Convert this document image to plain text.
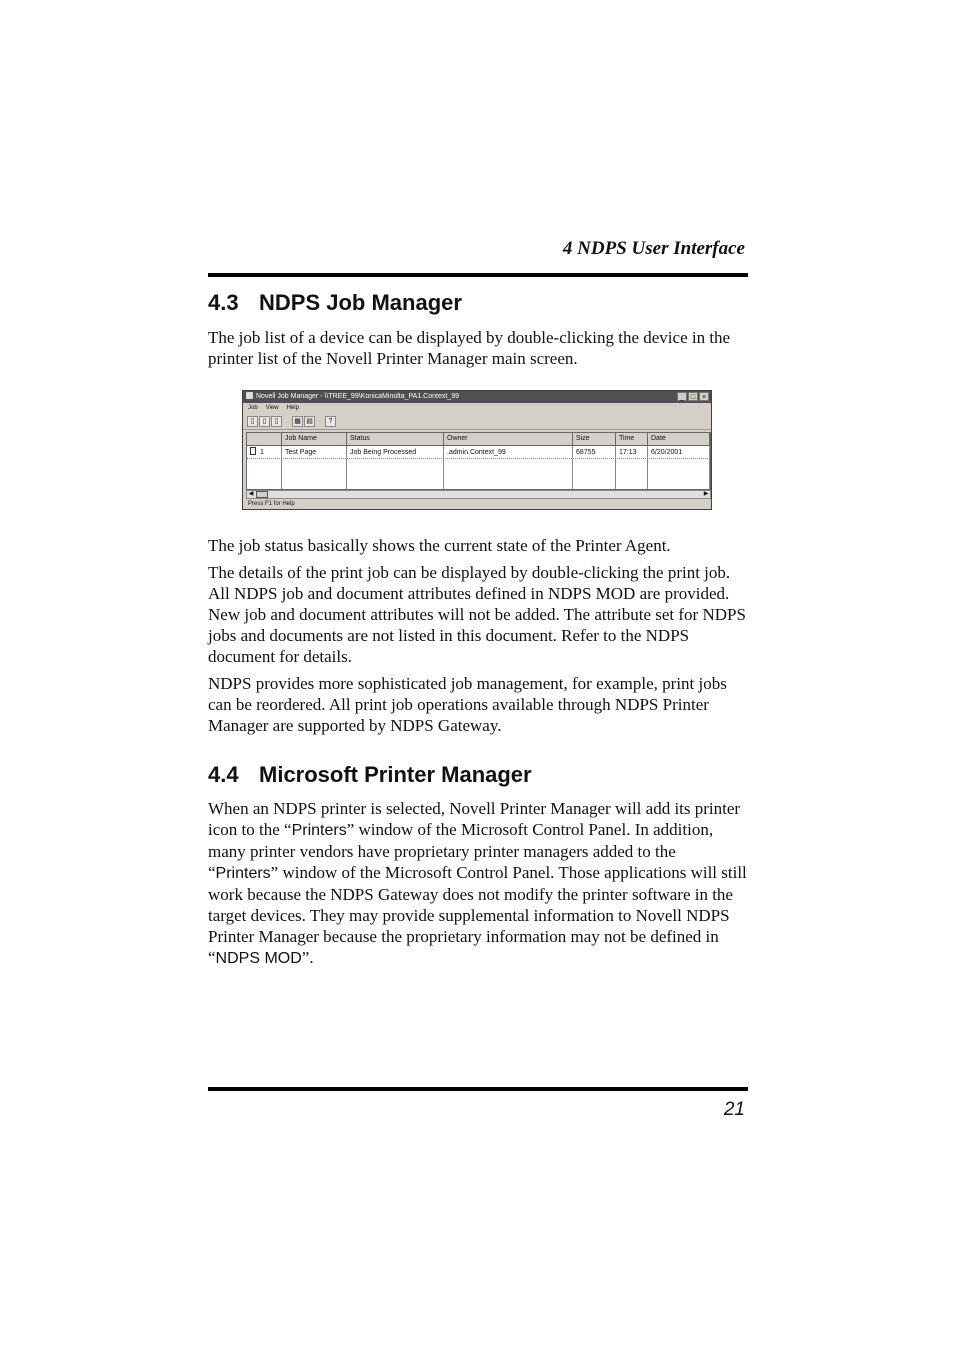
4 NDPS User Interface
4.3 NDPS Job Manager

The job list of a device can be displayed by double-clicking the device in the printer list of the Novell Printer Manager main screen.

Novell Job Manager - \\TREE_99\KonicaMinolta_PA1.Context_99	_ □ ×
Job View Help
▯	▯	▯	▦ ▤	?
Job Name	Status	Owner	Size	Time	Date
1	Test Page	Job Being Processed	.admin.Context_99	68755	17:13	6/20/2001
◀	▶
Press F1 for Help

The job status basically shows the current state of the Printer Agent.

The details of the print job can be displayed by double-clicking the print job. All NDPS job and document attributes defined in NDPS MOD are provided. New job and document attributes will not be added. The attribute set for NDPS jobs and documents are not listed in this document. Refer to the NDPS document for details.

NDPS provides more sophisticated job management, for example, print jobs can be reordered. All print job operations available through NDPS Printer Manager are supported by NDPS Gateway.

4.4 Microsoft Printer Manager

When an NDPS printer is selected, Novell Printer Manager will add its printer icon to the “Printers” window of the Microsoft Control Panel. In addition, many printer vendors have proprietary printer managers added to the “Printers” window of the Microsoft Control Panel. Those applications will still work because the NDPS Gateway does not modify the printer software in the target devices. They may provide supplemental information to Novell NDPS Printer Manager because the proprietary information may not be defined in “NDPS MOD”.

21
